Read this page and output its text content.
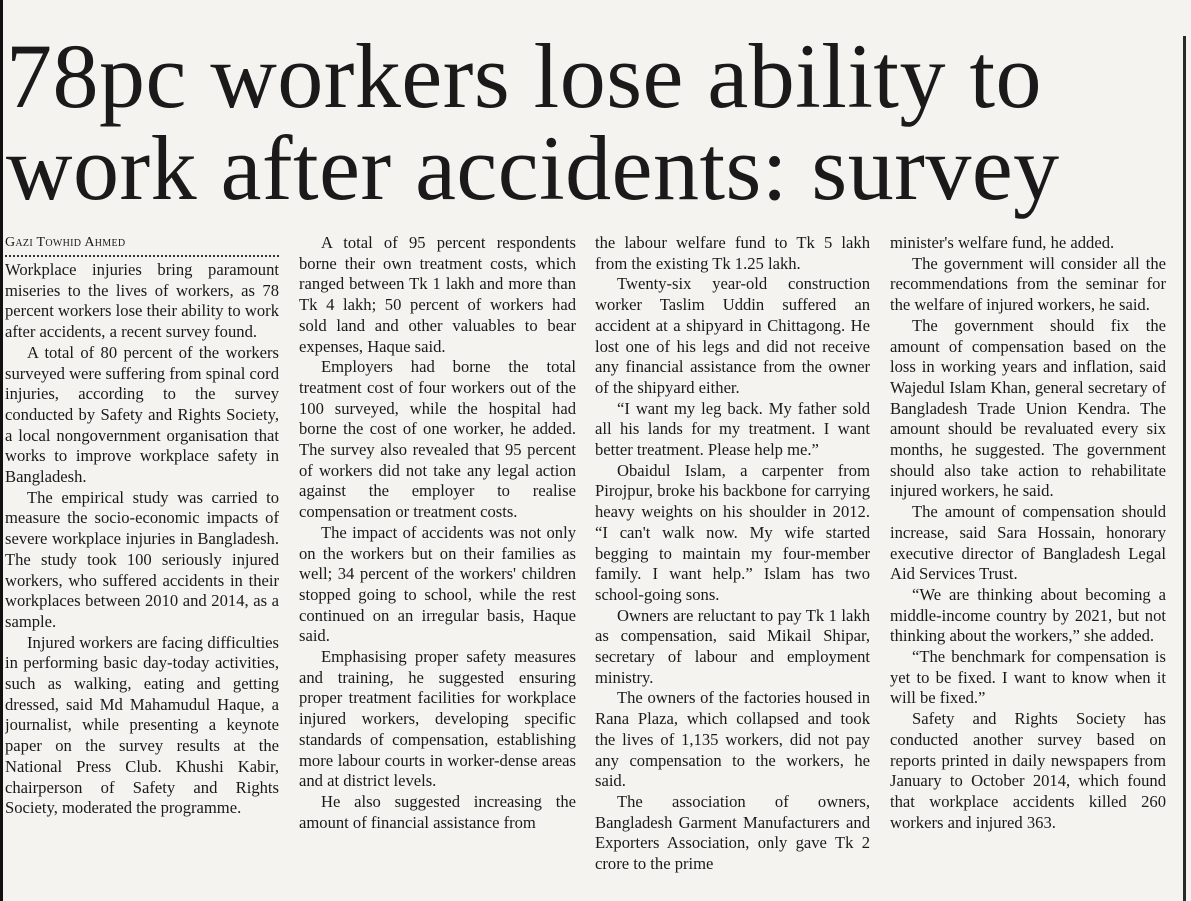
78pc workers lose ability to
work after accidents: survey
Gazi Towhid Ahmed

Workplace injuries bring paramount miseries to the lives of workers, as 78 percent workers lose their ability to work after accidents, a recent survey found.

A total of 80 percent of the workers surveyed were suffering from spinal cord injuries, according to the survey conducted by Safety and Rights Society, a local nongovernment organisation that works to improve workplace safety in Bangladesh.

The empirical study was carried to measure the socio-economic impacts of severe workplace injuries in Bangladesh. The study took 100 seriously injured workers, who suffered accidents in their workplaces between 2010 and 2014, as a sample.

Injured workers are facing difficulties in performing basic day-today activities, such as walking, eating and getting dressed, said Md Mahamudul Haque, a journalist, while presenting a keynote paper on the survey results at the National Press Club. Khushi Kabir, chairperson of Safety and Rights Society, moderated the programme.

A total of 95 percent respondents borne their own treatment costs, which ranged between Tk 1 lakh and more than Tk 4 lakh; 50 percent of workers had sold land and other valuables to bear expenses, Haque said.

Employers had borne the total treatment cost of four workers out of the 100 surveyed, while the hospital had borne the cost of one worker, he added. The survey also revealed that 95 percent of workers did not take any legal action against the employer to realise compensation or treatment costs.

The impact of accidents was not only on the workers but on their families as well; 34 percent of the workers' children stopped going to school, while the rest continued on an irregular basis, Haque said.

Emphasising proper safety measures and training, he suggested ensuring proper treatment facilities for workplace injured workers, developing specific standards of compensation, establishing more labour courts in worker-dense areas and at district levels.

He also suggested increasing the amount of financial assistance from

the labour welfare fund to Tk 5 lakh from the existing Tk 1.25 lakh.

Twenty-six year-old construction worker Taslim Uddin suffered an accident at a shipyard in Chittagong. He lost one of his legs and did not receive any financial assistance from the owner of the shipyard either.

“I want my leg back. My father sold all his lands for my treatment. I want better treatment. Please help me.”

Obaidul Islam, a carpenter from Pirojpur, broke his backbone for carrying heavy weights on his shoulder in 2012. “I can't walk now. My wife started begging to maintain my four-member family. I want help.” Islam has two school-going sons.

Owners are reluctant to pay Tk 1 lakh as compensation, said Mikail Shipar, secretary of labour and employment ministry.

The owners of the factories housed in Rana Plaza, which collapsed and took the lives of 1,135 workers, did not pay any compensation to the workers, he said.

The association of owners, Bangladesh Garment Manufacturers and Exporters Association, only gave Tk 2 crore to the prime

minister's welfare fund, he added.

The government will consider all the recommendations from the seminar for the welfare of injured workers, he said.

The government should fix the amount of compensation based on the loss in working years and inflation, said Wajedul Islam Khan, general secretary of Bangladesh Trade Union Kendra. The amount should be revaluated every six months, he suggested. The government should also take action to rehabilitate injured workers, he said.

The amount of compensation should increase, said Sara Hossain, honorary executive director of Bangladesh Legal Aid Services Trust.

“We are thinking about becoming a middle-income country by 2021, but not thinking about the workers,” she added.

“The benchmark for compensation is yet to be fixed. I want to know when it will be fixed.”

Safety and Rights Society has conducted another survey based on reports printed in daily newspapers from January to October 2014, which found that workplace accidents killed 260 workers and injured 363.
